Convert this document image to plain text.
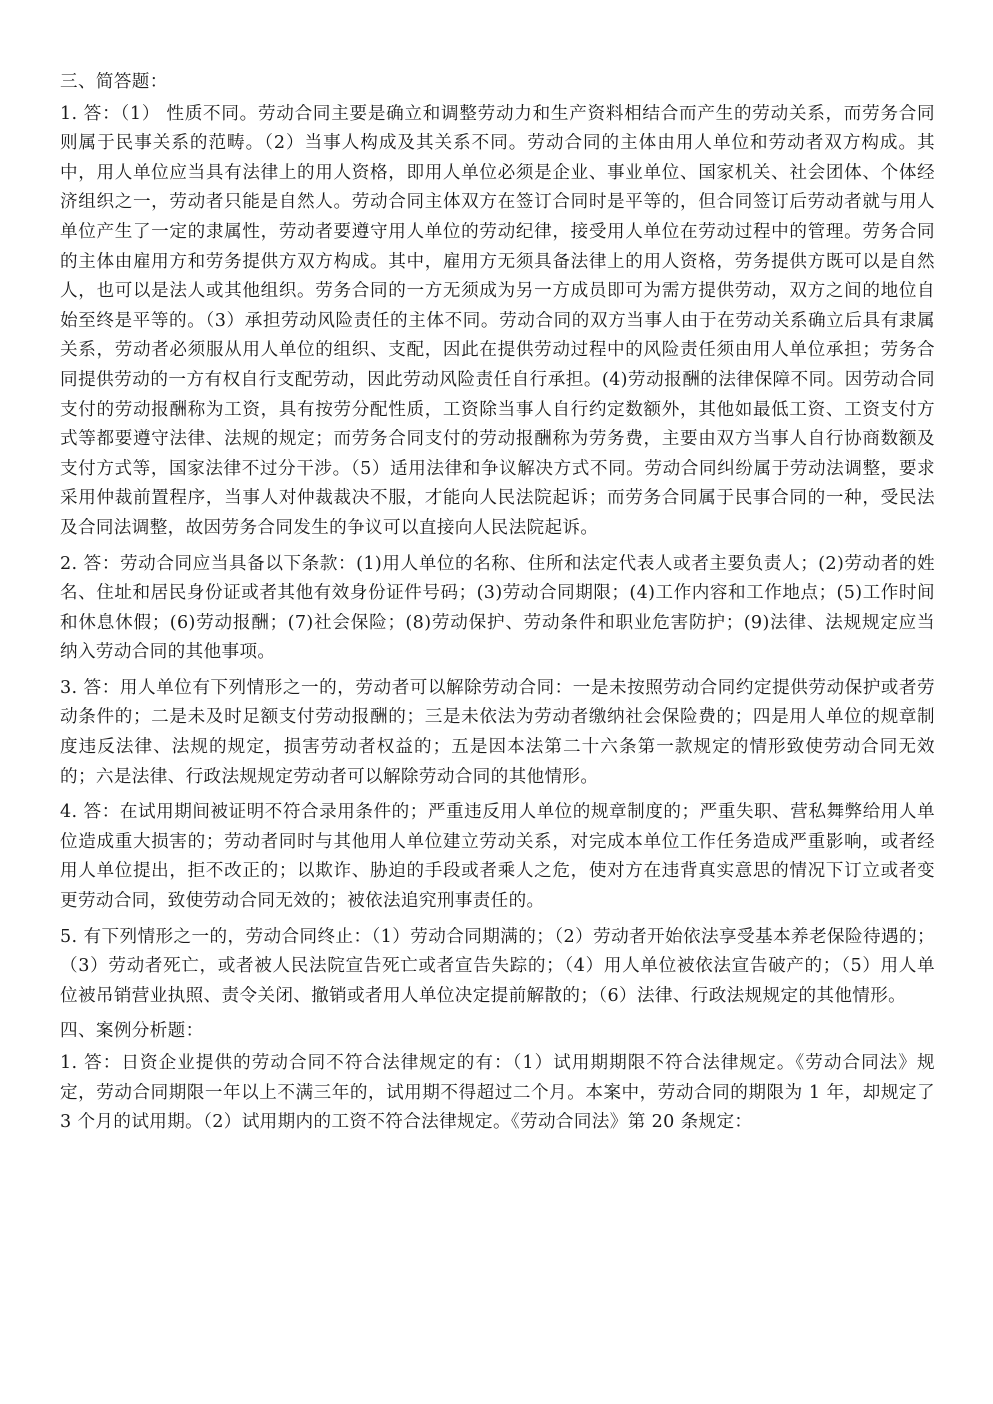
三、简答题：

1. 答：（1） 性质不同。劳动合同主要是确立和调整劳动力和生产资料相结合而产生的劳动关系，而劳务合同则属于民事关系的范畴。（2）当事人构成及其关系不同。劳动合同的主体由用人单位和劳动者双方构成。其中，用人单位应当具有法律上的用人资格，即用人单位必须是企业、事业单位、国家机关、社会团体、个体经济组织之一，劳动者只能是自然人。劳动合同主体双方在签订合同时是平等的，但合同签订后劳动者就与用人单位产生了一定的隶属性，劳动者要遵守用人单位的劳动纪律，接受用人单位在劳动过程中的管理。劳务合同的主体由雇用方和劳务提供方双方构成。其中，雇用方无须具备法律上的用人资格，劳务提供方既可以是自然人，也可以是法人或其他组织。劳务合同的一方无须成为另一方成员即可为需方提供劳动，双方之间的地位自始至终是平等的。（3）承担劳动风险责任的主体不同。劳动合同的双方当事人由于在劳动关系确立后具有隶属关系，劳动者必须服从用人单位的组织、支配，因此在提供劳动过程中的风险责任须由用人单位承担；劳务合同提供劳动的一方有权自行支配劳动，因此劳动风险责任自行承担。(4)劳动报酬的法律保障不同。因劳动合同支付的劳动报酬称为工资，具有按劳分配性质，工资除当事人自行约定数额外，其他如最低工资、工资支付方式等都要遵守法律、法规的规定；而劳务合同支付的劳动报酬称为劳务费，主要由双方当事人自行协商数额及支付方式等，国家法律不过分干涉。（5）适用法律和争议解决方式不同。劳动合同纠纷属于劳动法调整，要求采用仲裁前置程序，当事人对仲裁裁决不服，才能向人民法院起诉；而劳务合同属于民事合同的一种，受民法及合同法调整，故因劳务合同发生的争议可以直接向人民法院起诉。

2. 答：劳动合同应当具备以下条款：(1)用人单位的名称、住所和法定代表人或者主要负责人；(2)劳动者的姓名、住址和居民身份证或者其他有效身份证件号码；(3)劳动合同期限；(4)工作内容和工作地点；(5)工作时间和休息休假；(6)劳动报酬；(7)社会保险；(8)劳动保护、劳动条件和职业危害防护；(9)法律、法规规定应当纳入劳动合同的其他事项。

3. 答：用人单位有下列情形之一的，劳动者可以解除劳动合同：一是未按照劳动合同约定提供劳动保护或者劳动条件的；二是未及时足额支付劳动报酬的；三是未依法为劳动者缴纳社会保险费的；四是用人单位的规章制度违反法律、法规的规定，损害劳动者权益的；五是因本法第二十六条第一款规定的情形致使劳动合同无效的；六是法律、行政法规规定劳动者可以解除劳动合同的其他情形。

4. 答：在试用期间被证明不符合录用条件的；严重违反用人单位的规章制度的；严重失职、营私舞弊给用人单位造成重大损害的；劳动者同时与其他用人单位建立劳动关系，对完成本单位工作任务造成严重影响，或者经用人单位提出，拒不改正的；以欺诈、胁迫的手段或者乘人之危，使对方在违背真实意思的情况下订立或者变更劳动合同，致使劳动合同无效的；被依法追究刑事责任的。

5. 有下列情形之一的，劳动合同终止：（1）劳动合同期满的；（2）劳动者开始依法享受基本养老保险待遇的；（3）劳动者死亡，或者被人民法院宣告死亡或者宣告失踪的；（4）用人单位被依法宣告破产的；（5）用人单位被吊销营业执照、责令关闭、撤销或者用人单位决定提前解散的；（6）法律、行政法规规定的其他情形。

四、案例分析题：

1. 答：日资企业提供的劳动合同不符合法律规定的有：（1）试用期期限不符合法律规定。《劳动合同法》规定，劳动合同期限一年以上不满三年的，试用期不得超过二个月。本案中，劳动合同的期限为 1 年，却规定了 3 个月的试用期。（2）试用期内的工资不符合法律规定。《劳动合同法》第 20 条规定：
